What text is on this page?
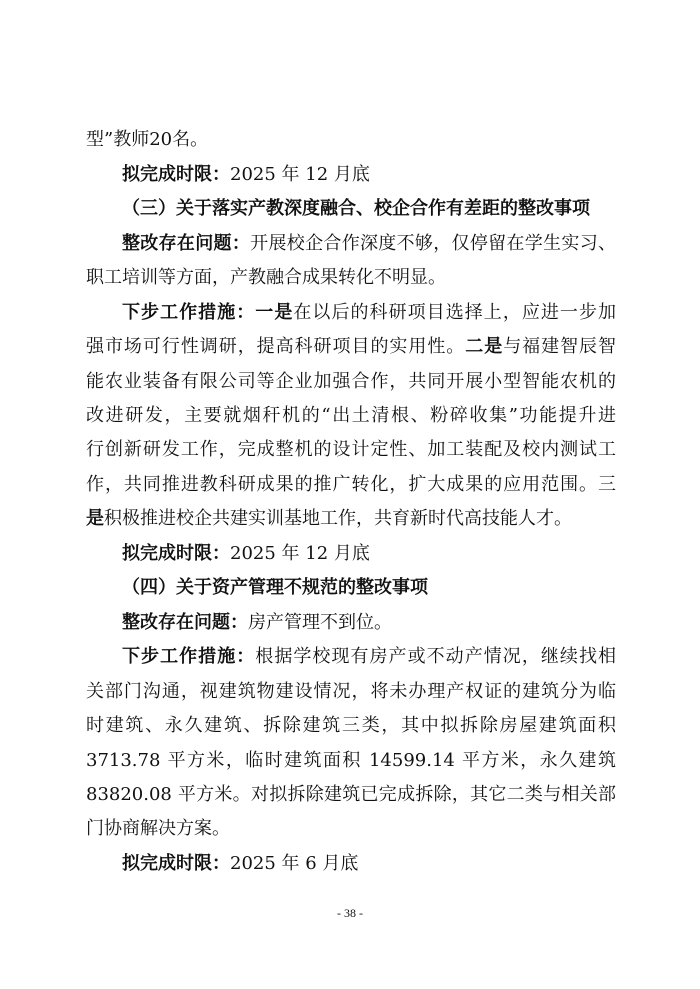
型”教师20名。
拟完成时限：2025 年 12 月底
（三）关于落实产教深度融合、校企合作有差距的整改事项
整改存在问题：开展校企合作深度不够，仅停留在学生实习、
职工培训等方面，产教融合成果转化不明显。
下步工作措施：一是在以后的科研项目选择上，应进一步加
强市场可行性调研，提高科研项目的实用性。二是与福建智辰智
能农业装备有限公司等企业加强合作，共同开展小型智能农机的
改进研发，主要就烟秆机的“出土清根、粉碎收集”功能提升进
行创新研发工作，完成整机的设计定性、加工装配及校内测试工
作，共同推进教科研成果的推广转化，扩大成果的应用范围。三
是积极推进校企共建实训基地工作，共育新时代高技能人才。
拟完成时限：2025 年 12 月底
（四）关于资产管理不规范的整改事项
整改存在问题：房产管理不到位。
下步工作措施：根据学校现有房产或不动产情况，继续找相
关部门沟通，视建筑物建设情况，将未办理产权证的建筑分为临
时建筑、永久建筑、拆除建筑三类，其中拟拆除房屋建筑面积
3713.78 平方米，临时建筑面积 14599.14 平方米，永久建筑
83820.08 平方米。对拟拆除建筑已完成拆除，其它二类与相关部
门协商解决方案。
拟完成时限：2025 年 6 月底
- 38 -
